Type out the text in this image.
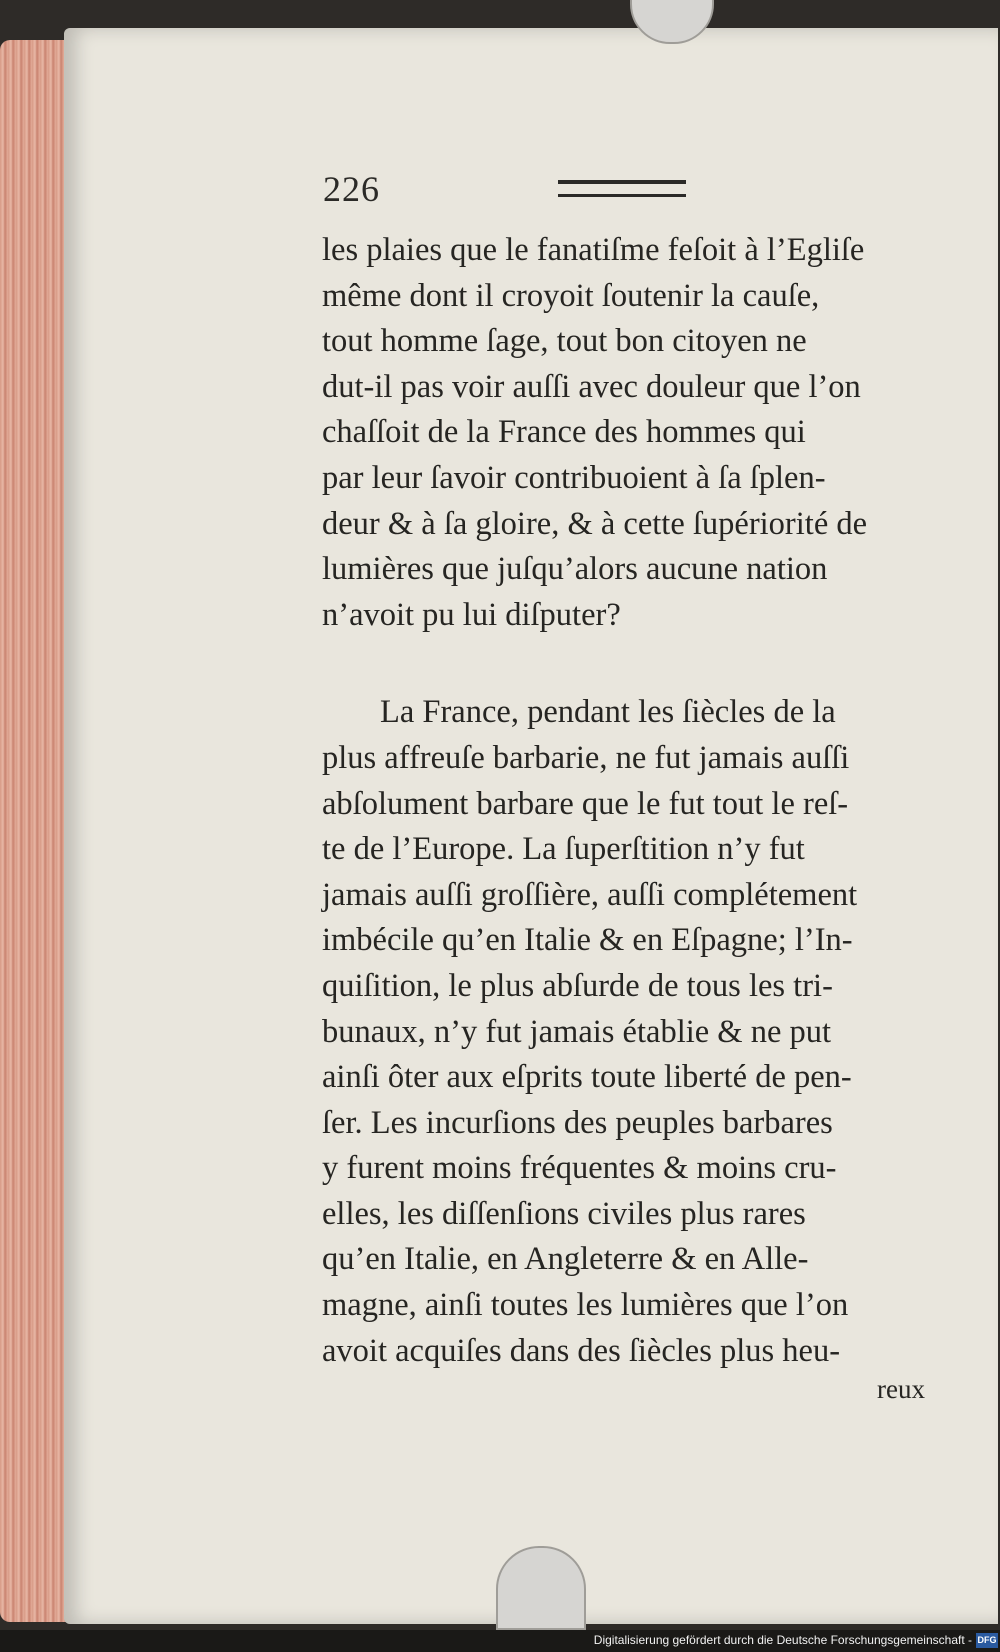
226
les plaies que le fanatiſme feſoit à l’Egliſe
même dont il croyoit ſoutenir la cauſe,
tout homme ſage, tout bon citoyen ne
dut-il pas voir auſſi avec douleur que l’on
chaſſoit de la France des hommes qui
par leur ſavoir contribuoient à ſa ſplen-
deur & à ſa gloire, & à cette ſupériorité de
lumières que juſqu’alors aucune nation
n’avoit pu lui diſputer?
La France, pendant les ſiècles de la
plus affreuſe barbarie, ne fut jamais auſſi
abſolument barbare que le fut tout le reſ-
te de l’Europe. La ſuperſtition n’y fut
jamais auſſi groſſière, auſſi complétement
imbécile qu’en Italie & en Eſpagne; l’In-
quiſition, le plus abſurde de tous les tri-
bunaux, n’y fut jamais établie & ne put
ainſi ôter aux eſprits toute liberté de pen-
ſer. Les incurſions des peuples barbares
y furent moins fréquentes & moins cru-
elles, les diſſenſions civiles plus rares
qu’en Italie, en Angleterre & en Alle-
magne, ainſi toutes les lumières que l’on
avoit acquiſes dans des ſiècles plus heu-
reux
Digitalisierung gefördert durch die Deutsche Forschungsgemeinschaft - DFG
